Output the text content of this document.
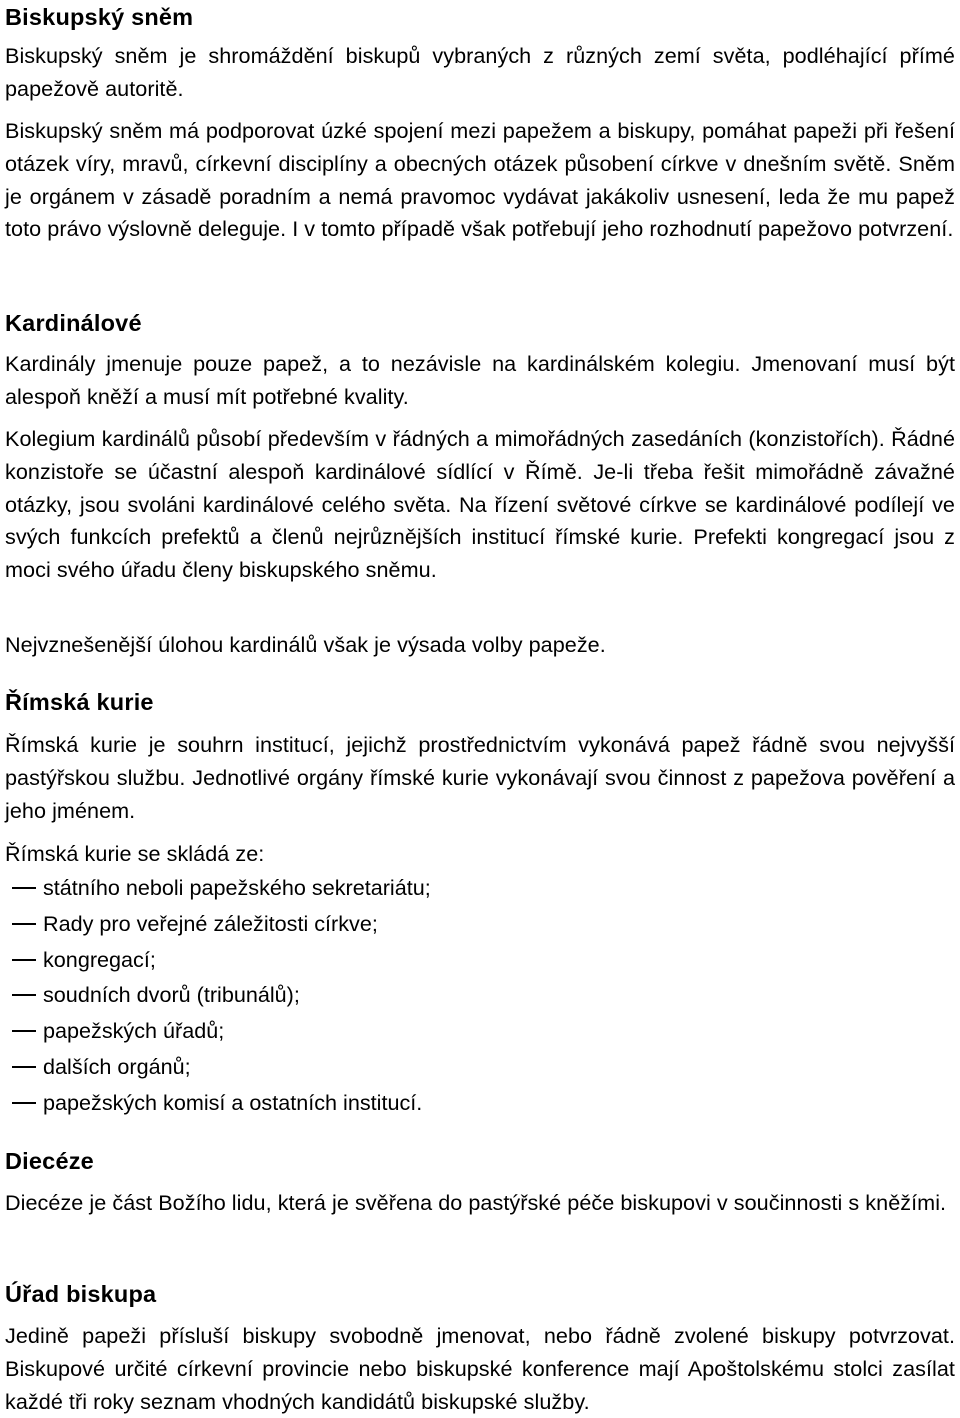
Biskupský sněm

Biskupský sněm je shromáždění biskupů vybraných z různých zemí světa, podléhající přímé papežově autoritě.

Biskupský sněm má podporovat úzké spojení mezi papežem a biskupy, pomáhat papeži při řešení otázek víry, mravů, církevní disciplíny a obecných otázek působení církve v dnešním světě. Sněm je orgánem v zásadě poradním a nemá pravomoc vydávat jakákoliv usnesení, leda že mu papež toto právo výslovně deleguje. I v tomto případě však potřebují jeho rozhodnutí papežovo potvrzení.

Kardinálové

Kardinály jmenuje pouze papež, a to nezávisle na kardinálském kolegiu. Jmenovaní musí být alespoň kněží a musí mít potřebné kvality.

Kolegium kardinálů působí především v řádných a mimořádných zasedáních (konzistořích). Řádné konzistoře se účastní alespoň kardinálové sídlící v Římě. Je-li třeba řešit mimořádně závažné otázky, jsou svoláni kardinálové celého světa. Na řízení světové církve se kardinálové podílejí ve svých funkcích prefektů a členů nejrůznějších institucí římské kurie. Prefekti kongregací jsou z moci svého úřadu členy biskupského sněmu.

Nejvznešenější úlohou kardinálů však je výsada volby papeže.

Římská kurie

Římská kurie je souhrn institucí, jejichž prostřednictvím vykonává papež řádně svou nejvyšší pastýřskou službu. Jednotlivé orgány římské kurie vykonávají svou činnost z papežova pověření a jeho jménem.

Římská kurie se skládá ze:

státního neboli papežského sekretariátu;
Rady pro veřejné záležitosti církve;
kongregací;
soudních dvorů (tribunálů);
papežských úřadů;
dalších orgánů;
papežských komisí a ostatních institucí.
Diecéze

Diecéze je část Božího lidu, která je svěřena do pastýřské péče biskupovi v součinnosti s kněžími.

Úřad biskupa

Jedině papeži přísluší biskupy svobodně jmenovat, nebo řádně zvolené biskupy potvrzovat. Biskupové určité církevní provincie nebo biskupské konference mají Apoštolskému stolci zasílat každé tři roky seznam vhodných kandidátů biskupské služby.
